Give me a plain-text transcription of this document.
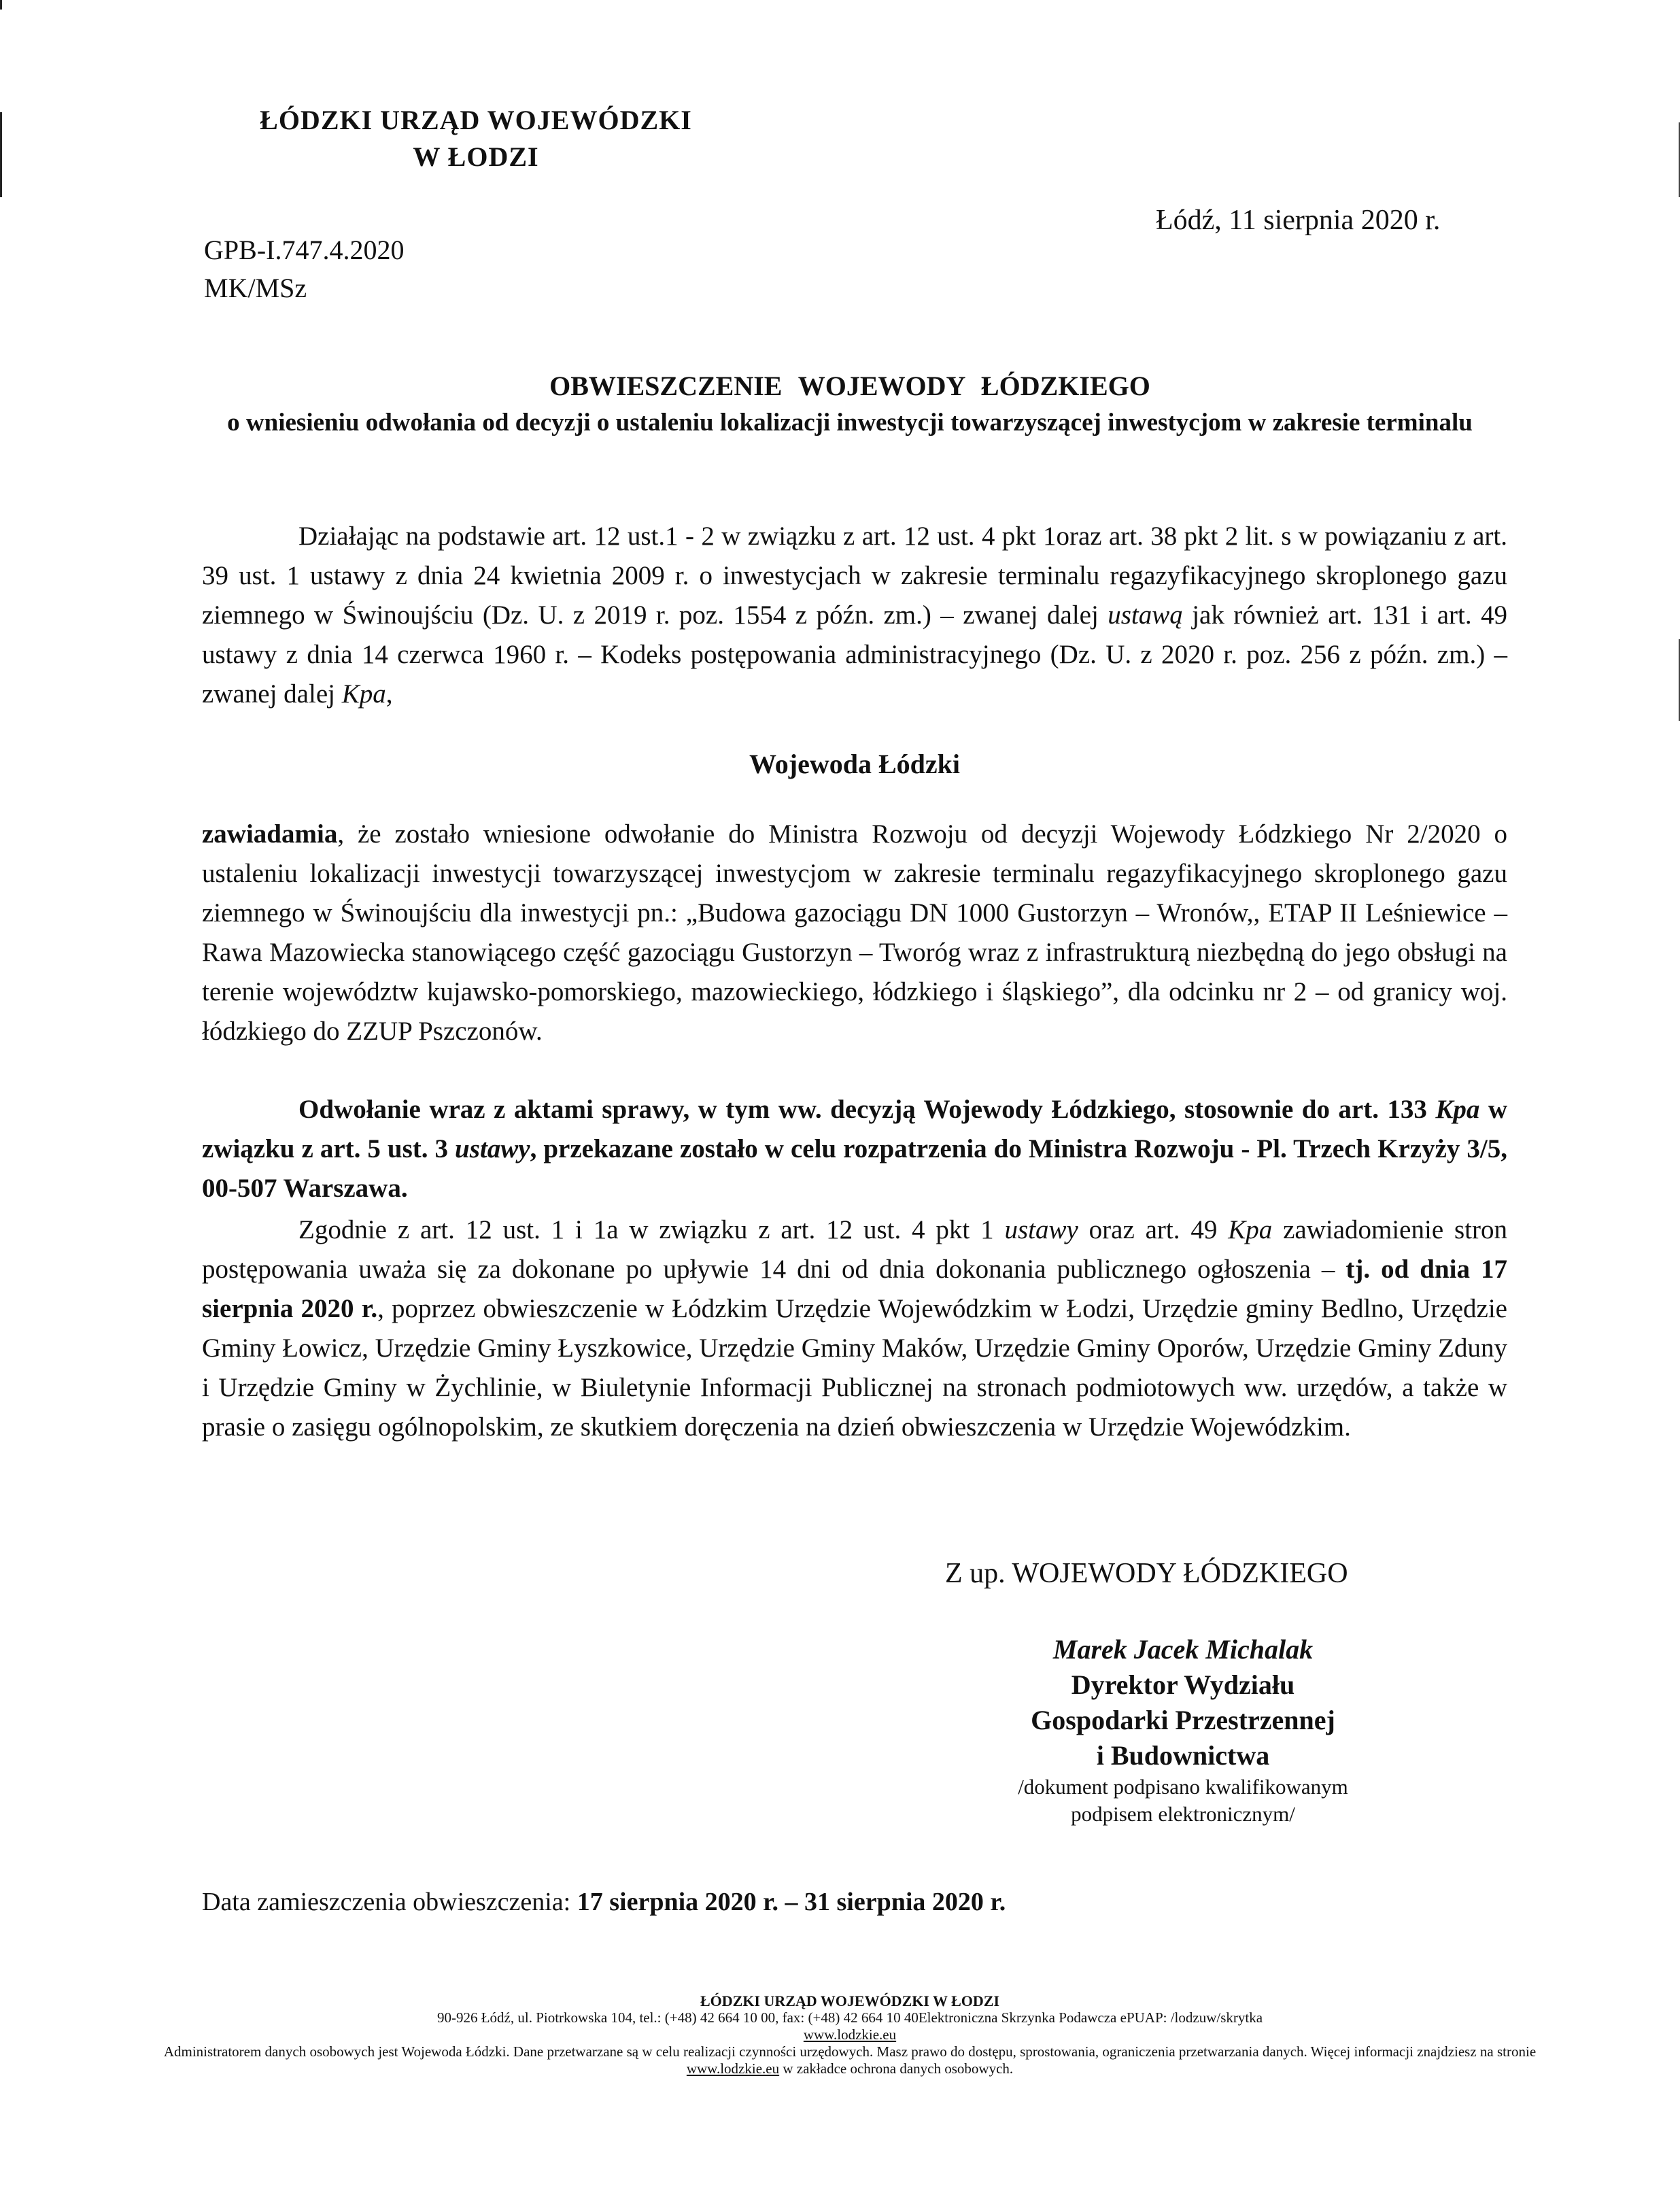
ŁÓDZKI URZĄD WOJEWÓDZKI
W ŁODZI
GPB-I.747.4.2020
MK/MSz
Łódź, 11 sierpnia 2020 r.
OBWIESZCZENIE WOJEWODY ŁÓDZKIEGO
o wniesieniu odwołania od decyzji o ustaleniu lokalizacji inwestycji towarzyszącej inwestycjom w zakresie terminalu
Działając na podstawie art. 12 ust.1 - 2 w związku z art. 12 ust. 4 pkt 1oraz art. 38 pkt 2 lit. s w powiązaniu z art. 39 ust. 1 ustawy z dnia 24 kwietnia 2009 r. o inwestycjach w zakresie terminalu regazyfikacyjnego skroplonego gazu ziemnego w Świnoujściu (Dz. U. z 2019 r. poz. 1554 z późn. zm.) – zwanej dalej ustawą jak również art. 131 i art. 49 ustawy z dnia 14 czerwca 1960 r. – Kodeks postępowania administracyjnego (Dz. U. z 2020 r. poz. 256 z późn. zm.) – zwanej dalej Kpa,
Wojewoda Łódzki
zawiadamia, że zostało wniesione odwołanie do Ministra Rozwoju od decyzji Wojewody Łódzkiego Nr 2/2020 o ustaleniu lokalizacji inwestycji towarzyszącej inwestycjom w zakresie terminalu regazyfikacyjnego skroplonego gazu ziemnego w Świnoujściu dla inwestycji pn.: „Budowa gazociągu DN 1000 Gustorzyn – Wronów,, ETAP II Leśniewice – Rawa Mazowiecka stanowiącego część gazociągu Gustorzyn – Tworóg wraz z infrastrukturą niezbędną do jego obsługi na terenie województw kujawsko-pomorskiego, mazowieckiego, łódzkiego i śląskiego”, dla odcinku nr 2 – od granicy woj. łódzkiego do ZZUP Pszczonów.
Odwołanie wraz z aktami sprawy, w tym ww. decyzją Wojewody Łódzkiego, stosownie do art. 133 Kpa w związku z art. 5 ust. 3 ustawy, przekazane zostało w celu rozpatrzenia do Ministra Rozwoju - Pl. Trzech Krzyży 3/5, 00-507 Warszawa.
Zgodnie z art. 12 ust. 1 i 1a w związku z art. 12 ust. 4 pkt 1 ustawy oraz art. 49 Kpa zawiadomienie stron postępowania uważa się za dokonane po upływie 14 dni od dnia dokonania publicznego ogłoszenia – tj. od dnia 17 sierpnia 2020 r., poprzez obwieszczenie w Łódzkim Urzędzie Wojewódzkim w Łodzi, Urzędzie gminy Bedlno, Urzędzie Gminy Łowicz, Urzędzie Gminy Łyszkowice, Urzędzie Gminy Maków, Urzędzie Gminy Oporów, Urzędzie Gminy Zduny i Urzędzie Gminy w Żychlinie, w Biuletynie Informacji Publicznej na stronach podmiotowych ww. urzędów, a także w prasie o zasięgu ogólnopolskim, ze skutkiem doręczenia na dzień obwieszczenia w Urzędzie Wojewódzkim.
Z up. WOJEWODY ŁÓDZKIEGO
Marek Jacek Michalak
Dyrektor Wydziału
Gospodarki Przestrzennej
i Budownictwa
/dokument podpisano kwalifikowanym
podpisem elektronicznym/
Data zamieszczenia obwieszczenia: 17 sierpnia 2020 r. – 31 sierpnia 2020 r.
ŁÓDZKI URZĄD WOJEWÓDZKI W ŁODZI
90-926 Łódź, ul. Piotrkowska 104, tel.: (+48) 42 664 10 00, fax: (+48) 42 664 10 40Elektroniczna Skrzynka Podawcza ePUAP: /lodzuw/skrytka
www.lodzkie.eu
Administratorem danych osobowych jest Wojewoda Łódzki. Dane przetwarzane są w celu realizacji czynności urzędowych. Masz prawo do dostępu, sprostowania, ograniczenia przetwarzania danych. Więcej informacji znajdziesz na stronie www.lodzkie.eu w zakładce ochrona danych osobowych.
